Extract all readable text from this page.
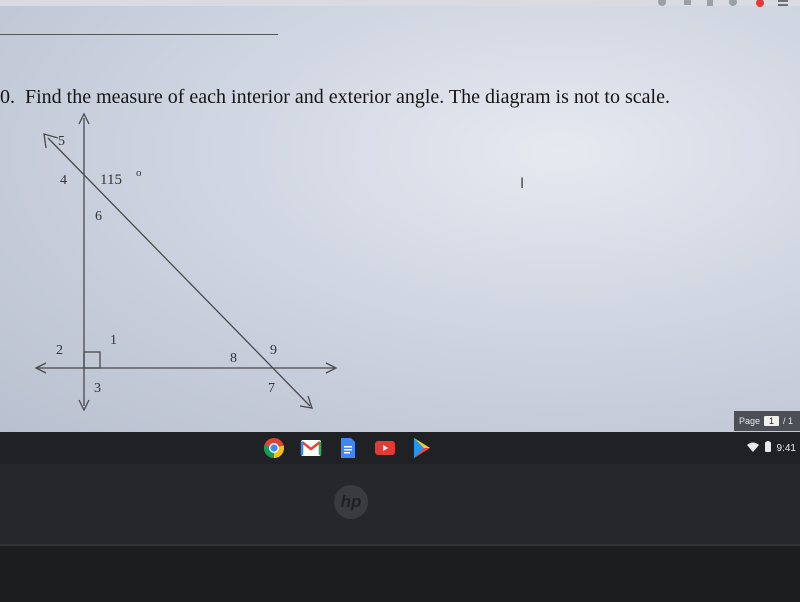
0. Find the measure of each interior and exterior angle. The diagram is not to scale.
5
4
6
1
2
3
8
9
7
115 o
I
Page	1	/ 1
9:41
hp
